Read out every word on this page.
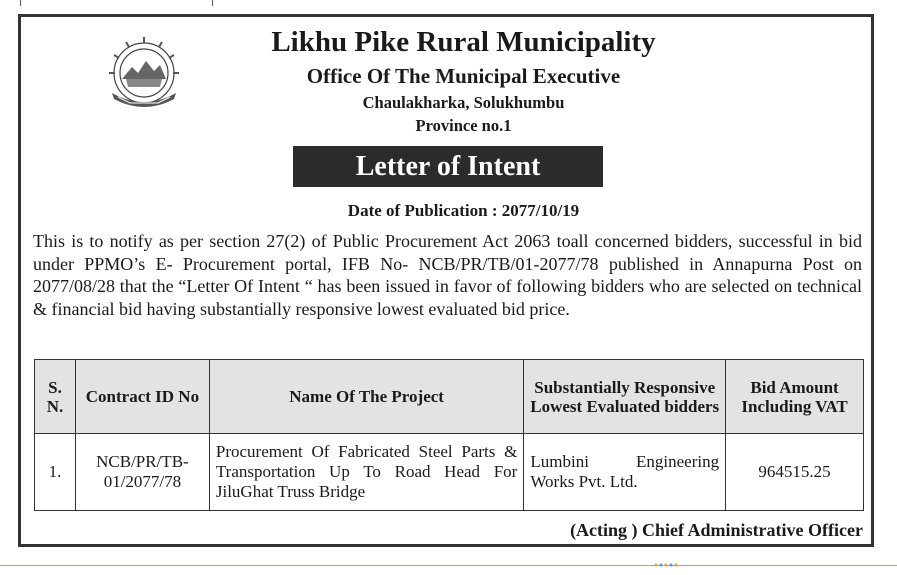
Likhu Pike Rural Municipality
Office Of The Municipal Executive
Chaulakharka, Solukhumbu
Province no.1
Letter of Intent
Date of Publication : 2077/10/19
This is to notify as per section 27(2) of Public Procurement Act 2063 toall concerned bidders, successful in bid under PPMO’s E- Procurement portal, IFB No- NCB/PR/TB/01-2077/78 published in Annapurna Post on 2077/08/28 that the “Letter Of Intent “ has been issued in favor of following bidders who are selected on technical & financial bid having substantially responsive lowest evaluated bid price.
S. N.	Contract ID No	Name Of The Project	Substantially Responsive Lowest Evaluated bidders	Bid Amount Including VAT
1.	NCB/PR/TB-01/2077/78	Procurement Of Fabricated Steel Parts & Transportation Up To Road Head For JiluGhat Truss Bridge	Lumbini Engineering Works Pvt. Ltd.	964515.25
(Acting ) Chief Administrative Officer
